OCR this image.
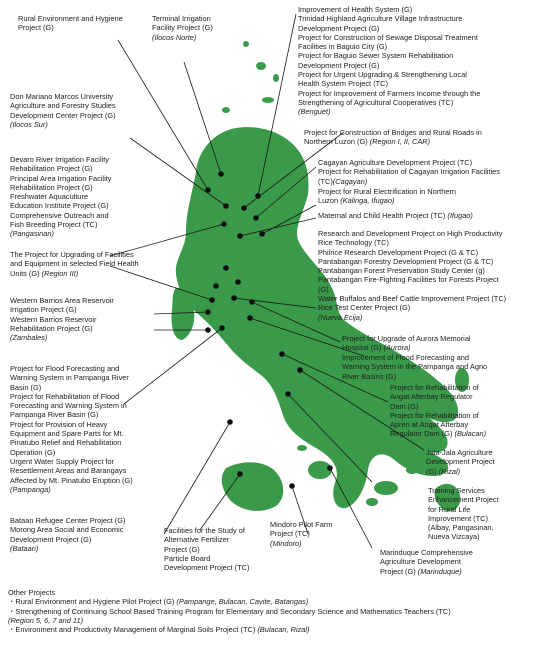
Rural Environment and Hygiene
Project (G)
Terminal Irrigation
Facility Project (G)
(Ilocos Norte)
Improvement of Health System (G)
Trinidad Highland Agriculture Village Infrastructure
Development Project (G)
Project for Construction of Sewage Disposal Treatment
Facilities in Baguio City (G)
Project for Baguio Sewer System Rehabilitation
Development Project (G)
Project for Urgent Upgrading & Strengthening Local
Health System Project (TC)
Project for Improvement of Farmers Income through the
Strengthening of Agricultural Cooperatives (TC)
(Benguet)
Don Mariano Marcos University
Agriculture and Forestry Studies
Development Center Project (G)
(Ilocos Sur)
Project for Construction of Bridges and Rural Roads in
Northern Luzon (G) (Region I, II, CAR)
Devaro River Irrigation Facility
Rehabilitation Project (G)
Principal Area Irrigation Facility
Rehabilitation Project (G)
Freshwater Aquaculture
Education Institute Project (G)
Comprehensive Outreach and
Fish Breeding Project (TC)
(Pangasinan)
Cagayan Agriculture Development Project (TC)
Project for Rehabilitation of Cagayan Irrigation Facilities
(TC)(Cagayan)
Project for Rural Electrification in Northern
Luzon (Kalinga, Ifugao)
Maternal and Child Health Project (TC) (Ifugao)
Research and Development Project on High Productivity
Rice Technology (TC)
Philrice Research Development Project (G & TC)
Pantabangan Forestry Development Project (G & TC)
Pantabangan Forest Preservation Study Center (g)
Pantabangan Fire-Fighting Facilities for Forests Project
(G)
Water Buffalos and Beef Cattle Improvement Project (TC)
Rice Test Center Project (G)
(Nueva Ecija)
The Project for Upgrading of Facilities
and Equipment in selected Field Health
Units (G) (Region III)
Western Barrios Area Reservoir
Irrigation Project (G)
Western Barrios Reservoir
Rehabilitation Project (G)
(Zambales)	Project for Upgrade of Aurora Memorial
Hospital (G) (Aurora)
Improvement of Flood Forecasting and
Warning System in the Pampanga and Agno
River Basins (G)
Project for Flood Forecasting and
Warning System in Pampanga River
Basin (G)
Project for Rehabilitation of Flood
Forecasting and Warning System in
Pampanga River Basin (G)
Project for Provision of Heavy
Equipment and Spare Parts for Mt.
Pinatubo Relief and Rehabilitation
Operation (G)
Urgent Water Supply Project for
Resettlement Areas and Barangays
Affected by Mt. Pinatubo Eruption (G)
(Pampanga)
Project for Rehabilitation of
Angat Afterbay Regulator
Dam (G)
Project for Rehabilitation of
Apren at Angat Afterbay
Regulator Dam (G) (Bulacan)
Jala-Jala Agriculture
Development Project
(G) (Rizal)
Training Services
Enhancement Project
for Rural Life
Improvement (TC)
(Albay, Pangasinan,
Nueva Vizcaya)
Bataan Refugee Center Project (G)
Morong Area Social and Economic
Development Project (G)
(Bataan)
Facilities for the Study of
Alternative Fertilizer
Project (G)
Particle Board
Development Project (TC)
Mindoro Pilot Farm
Project (TC)
(Mindoro)
Marinduque Comprehensive
Agriculture Development
Project (G) (Marinduque)
Other Projects
・Rural Environment and Hygiene Pilot Project (G) (Pampange, Bulacan, Cavite, Batangas)
・Strengthening of Continuing School Based Training Program for Elementary and Secondary Science and Mathematics Teachers (TC)
(Region 5, 6, 7 and 11)
・Environment and Productivity Management of Marginal Soils Project (TC) (Bulacan, Rizal)
